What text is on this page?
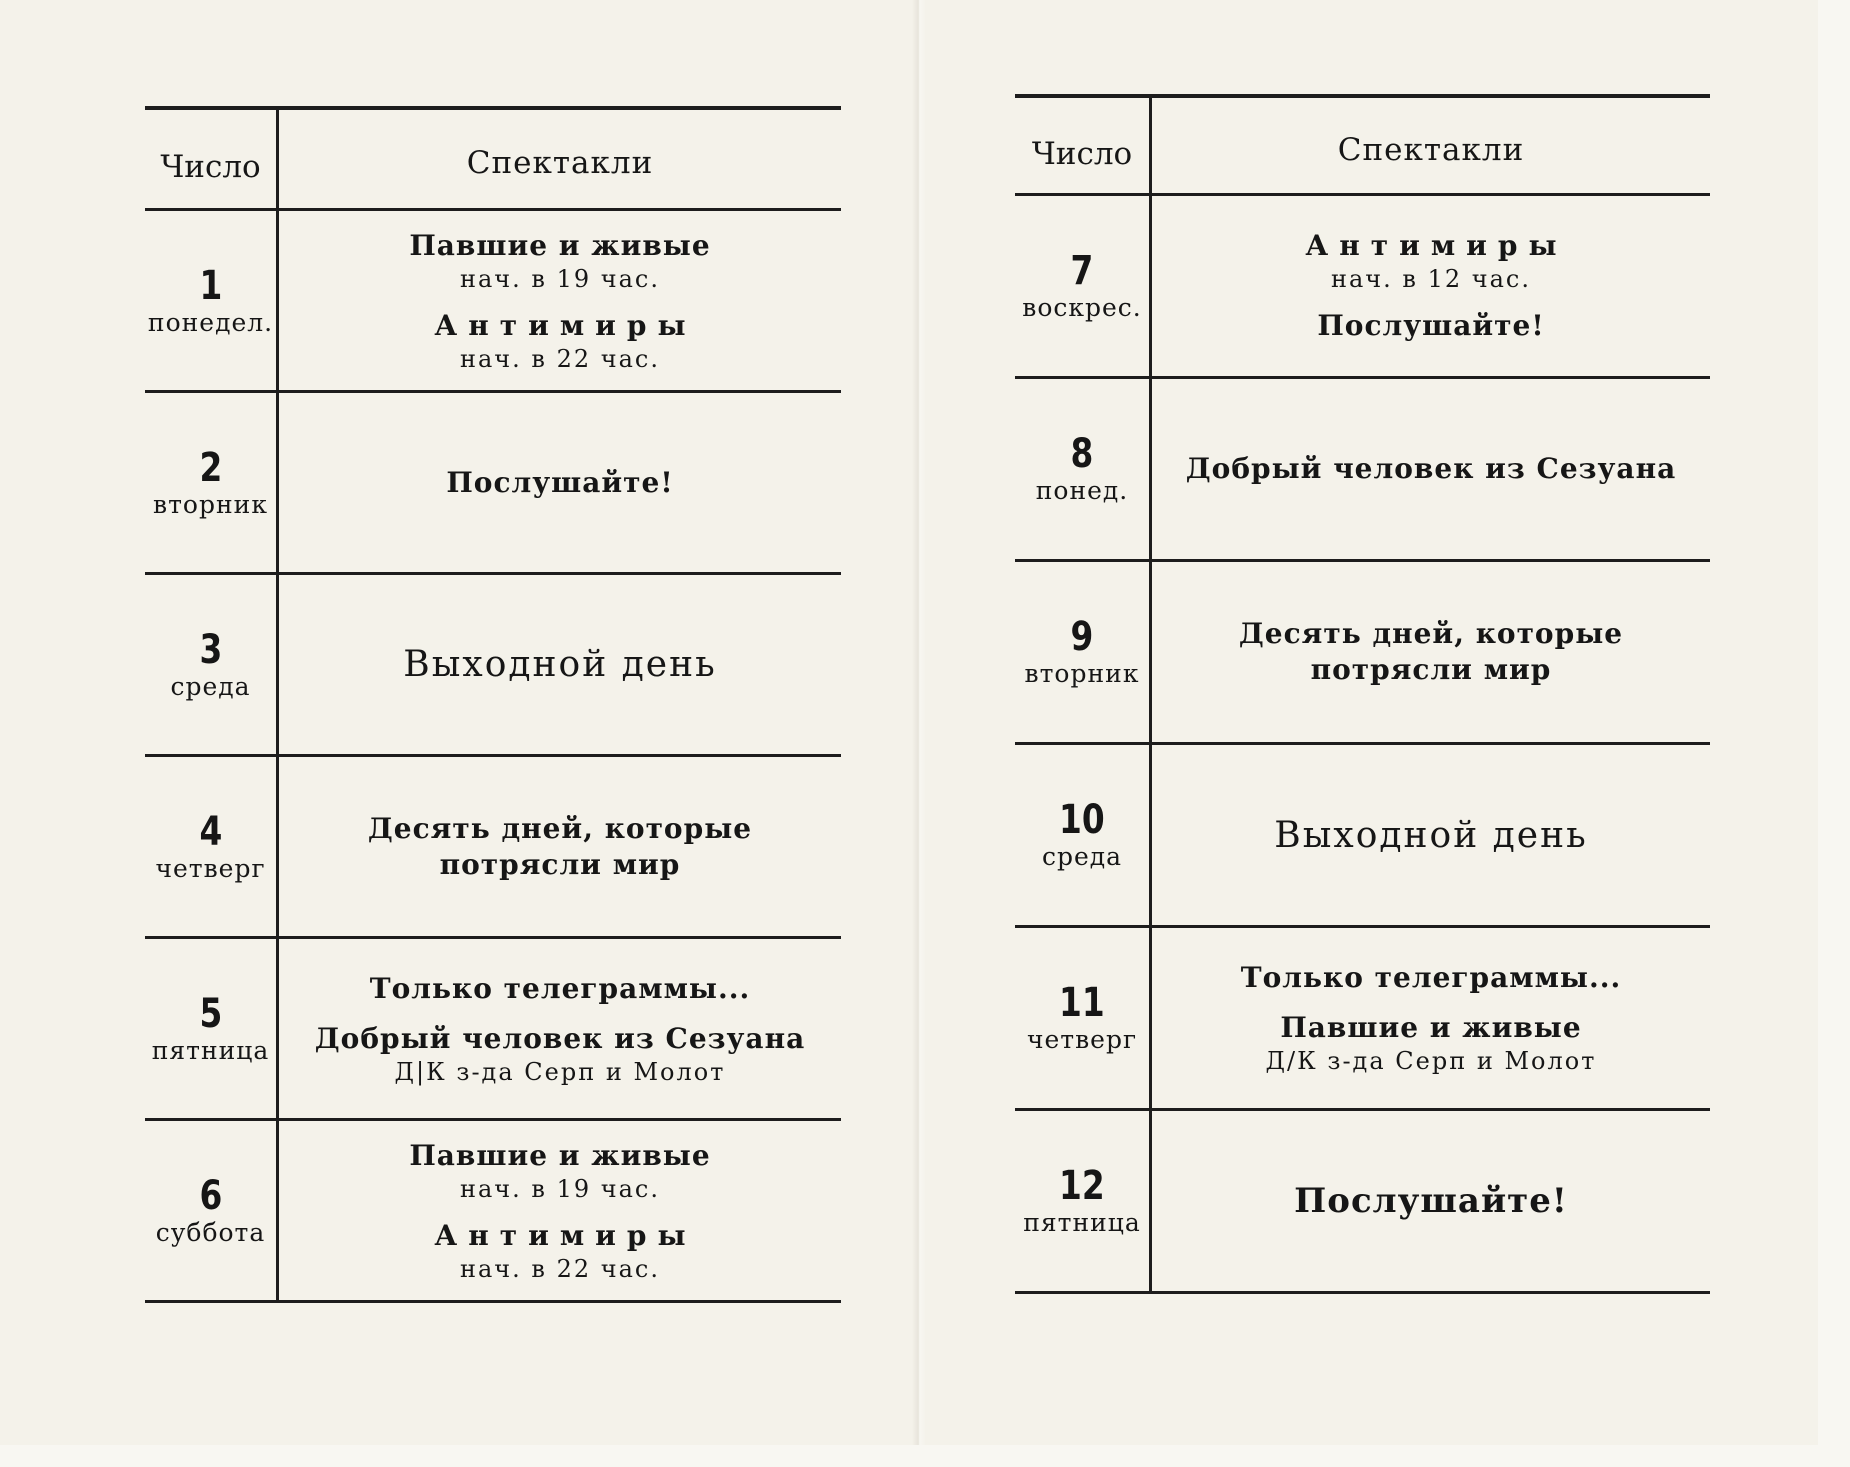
Число	Спектакли
1
понедел.
Павшие и живые
нач. в 19 час.
Антимиры
нач. в 22 час.
2
вторник
Послушайте!
3
среда
Выходной день
4
четверг
Десять дней, которые
потрясли мир
5
пятница
Только телеграммы...
Добрый человек из Сезуана
Д|К з-да Серп и Молот
6
суббота
Павшие и живые
нач. в 19 час.
Антимиры
нач. в 22 час.
Число	Спектакли
7
воскрес.
Антимиры
нач. в 12 час.
Послушайте!
8
понед.
Добрый человек из Сезуана
9
вторник
Десять дней, которые
потрясли мир
10
среда
Выходной день
11
четверг
Только телеграммы...
Павшие и живые
Д/К з-да Серп и Молот
12
пятница
Послушайте!
